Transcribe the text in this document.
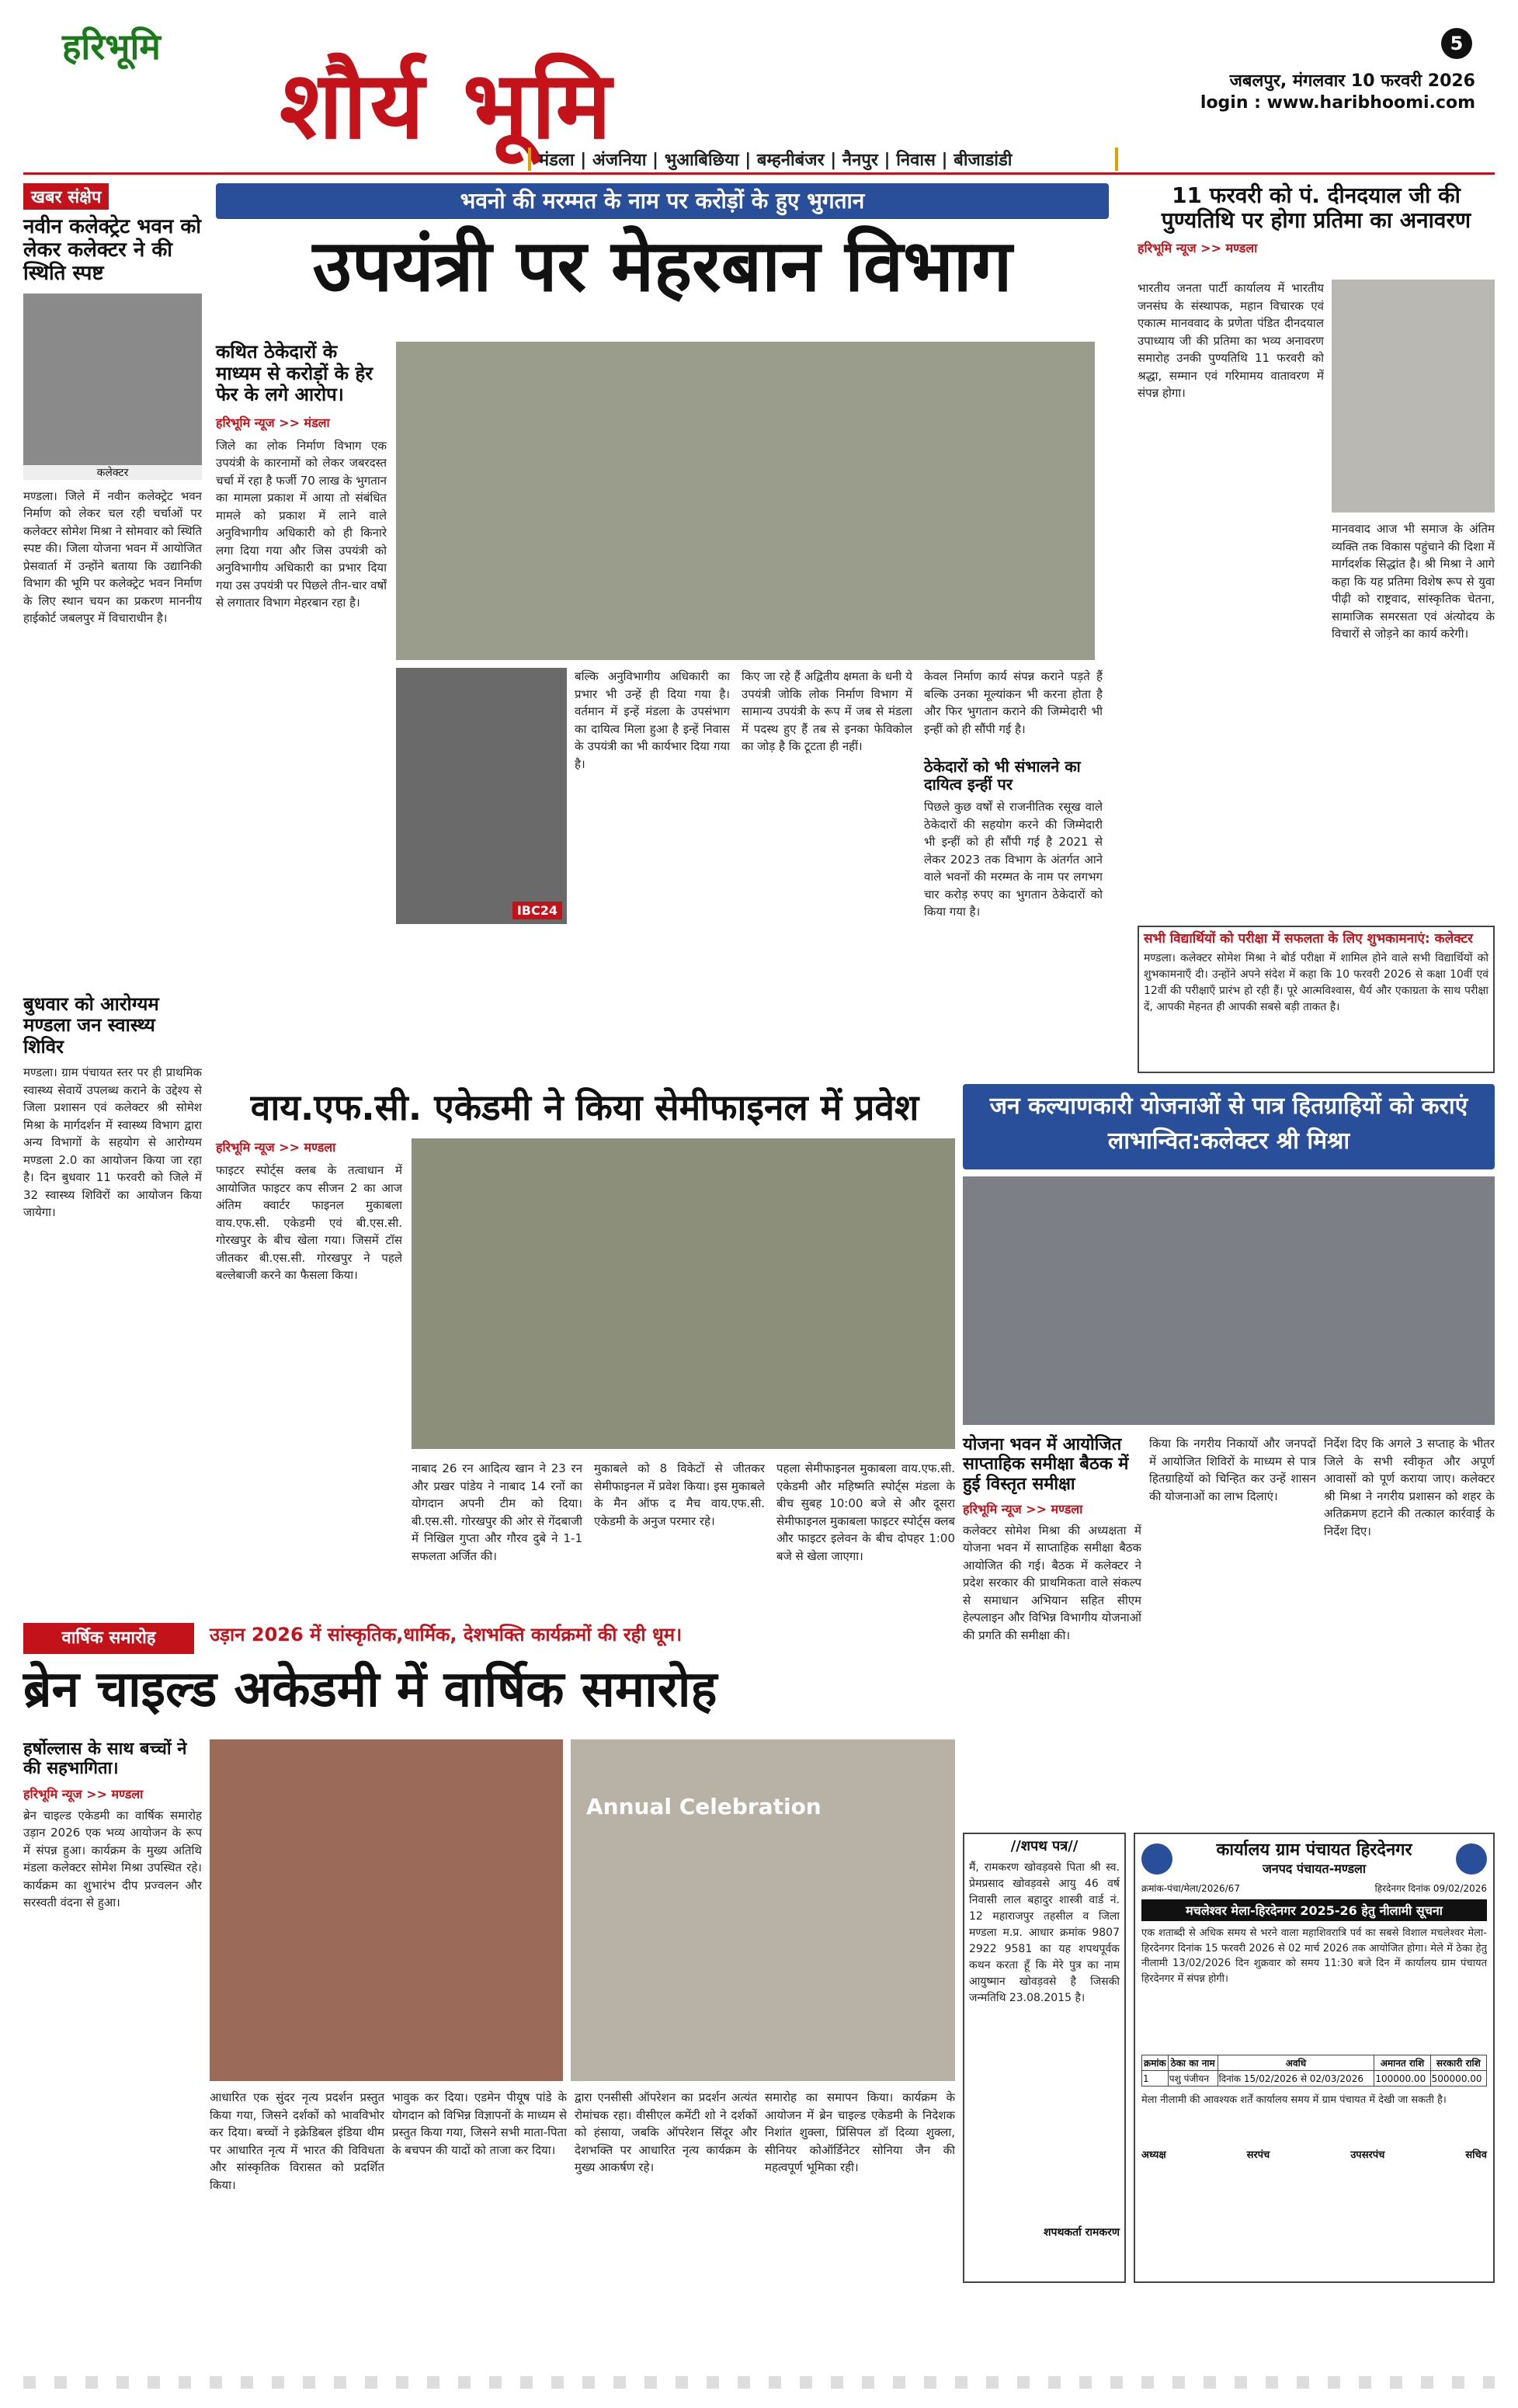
हरिभूमि
शौर्य भूमि
5
जबलपुर, मंगलवार 10 फरवरी 2026
login : www.haribhoomi.com
मंडला | अंजनिया | भुआबिछिया | बम्हनीबंजर | नैनपुर | निवास | बीजाडांडी
खबर संक्षेप
नवीन कलेक्ट्रेट भवन को लेकर कलेक्टर ने की स्थिति स्पष्ट
कलेक्टर
मण्डला। जिले में नवीन कलेक्ट्रेट भवन निर्माण को लेकर चल रही चर्चाओं पर कलेक्टर सोमेश मिश्रा ने सोमवार को स्थिति स्पष्ट की। जिला योजना भवन में आयोजित प्रेसवार्ता में उन्होंने बताया कि उद्यानिकी विभाग की भूमि पर कलेक्ट्रेट भवन निर्माण के लिए स्थान चयन का प्रकरण माननीय हाईकोर्ट जबलपुर में विचाराधीन है।
बुधवार को आरोग्यम मण्डला जन स्वास्थ्य शिविर
मण्डला। ग्राम पंचायत स्तर पर ही प्राथमिक स्वास्थ्य सेवायें उपलब्ध कराने के उद्देश्य से जिला प्रशासन एवं कलेक्टर श्री सोमेश मिश्रा के मार्गदर्शन में स्वास्थ्य विभाग द्वारा अन्य विभागों के सहयोग से आरोग्यम मण्डला 2.0 का आयोजन किया जा रहा है। दिन बुधवार 11 फरवरी को जिले में 32 स्वास्थ्य शिविरों का आयोजन किया जायेगा।
भवनो की मरम्मत के नाम पर करोड़ों के हुए भुगतान
उपयंत्री पर मेहरबान विभाग
कथित ठेकेदारों के माध्यम से करोड़ों के हेर फेर के लगे आरोप।
हरिभूमि न्यूज >> मंडला
जिले का लोक निर्माण विभाग एक उपयंत्री के कारनामों को लेकर जबरदस्त चर्चा में रहा है फर्जी 70 लाख के भुगतान का मामला प्रकाश में आया तो संबंधित मामले को प्रकाश में लाने वाले अनुविभागीय अधिकारी को ही किनारे लगा दिया गया और जिस उपयंत्री को अनुविभागीय अधिकारी का प्रभार दिया गया उस उपयंत्री पर पिछले तीन-चार वर्षों से लगातार विभाग मेहरबान रहा है।
IBC24
बल्कि अनुविभागीय अधिकारी का प्रभार भी उन्हें ही दिया गया है। वर्तमान में इन्हें मंडला के उपसंभाग का दायित्व मिला हुआ है इन्हें निवास के उपयंत्री का भी कार्यभार दिया गया है।
किए जा रहे हैं अद्वितीय क्षमता के धनी ये उपयंत्री जोकि लोक निर्माण विभाग में सामान्य उपयंत्री के रूप में जब से मंडला में पदस्थ हुए हैं तब से इनका फेविकोल का जोड़ है कि टूटता ही नहीं।
केवल निर्माण कार्य संपन्न कराने पड़ते हैं बल्कि उनका मूल्यांकन भी करना होता है और फिर भुगतान कराने की जिम्मेदारी भी इन्हीं को ही सौंपी गई है।
ठेकेदारों को भी संभालने का दायित्व इन्हीं पर
पिछले कुछ वर्षों से राजनीतिक रसूख वाले ठेकेदारों की सहयोग करने की जिम्मेदारी भी इन्हीं को ही सौंपी गई है 2021 से लेकर 2023 तक विभाग के अंतर्गत आने वाले भवनों की मरम्मत के नाम पर लगभग चार करोड़ रुपए का भुगतान ठेकेदारों को किया गया है।
11 फरवरी को पं. दीनदयाल जी की पुण्यतिथि पर होगा प्रतिमा का अनावरण
हरिभूमि न्यूज >> मण्डला
भारतीय जनता पार्टी कार्यालय में भारतीय जनसंघ के संस्थापक, महान विचारक एवं एकात्म मानववाद के प्रणेता पंडित दीनदयाल उपाध्याय जी की प्रतिमा का भव्य अनावरण समारोह उनकी पुण्यतिथि 11 फरवरी को श्रद्धा, सम्मान एवं गरिमामय वातावरण में संपन्न होगा।
मानववाद आज भी समाज के अंतिम व्यक्ति तक विकास पहुंचाने की दिशा में मार्गदर्शक सिद्धांत है। श्री मिश्रा ने आगे कहा कि यह प्रतिमा विशेष रूप से युवा पीढ़ी को राष्ट्रवाद, सांस्कृतिक चेतना, सामाजिक समरसता एवं अंत्योदय के विचारों से जोड़ने का कार्य करेगी।
सभी विद्यार्थियों को परीक्षा में सफलता के लिए शुभकामनाएं: कलेक्टर
मण्डला। कलेक्टर सोमेश मिश्रा ने बोर्ड परीक्षा में शामिल होने वाले सभी विद्यार्थियों को शुभकामनाएँ दी। उन्होंने अपने संदेश में कहा कि 10 फरवरी 2026 से कक्षा 10वीं एवं 12वीं की परीक्षाएँ प्रारंभ हो रही हैं। पूरे आत्मविश्वास, धैर्य और एकाग्रता के साथ परीक्षा दें, आपकी मेहनत ही आपकी सबसे बड़ी ताकत है।
वाय.एफ.सी. एकेडमी ने किया सेमीफाइनल में प्रवेश
हरिभूमि न्यूज >> मण्डला
फाइटर स्पोर्ट्स क्लब के तत्वाधान में आयोजित फाइटर कप सीजन 2 का आज अंतिम क्वार्टर फाइनल मुकाबला वाय.एफ.सी. एकेडमी एवं बी.एस.सी. गोरखपुर के बीच खेला गया। जिसमें टॉस जीतकर बी.एस.सी. गोरखपुर ने पहले बल्लेबाजी करने का फैसला किया।
नाबाद 26 रन आदित्य खान ने 23 रन और प्रखर पांडेय ने नाबाद 14 रनों का योगदान अपनी टीम को दिया। बी.एस.सी. गोरखपुर की ओर से गेंदबाजी में निखिल गुप्ता और गौरव दुबे ने 1-1 सफलता अर्जित की।
मुकाबले को 8 विकेटों से जीतकर सेमीफाइनल में प्रवेश किया। इस मुकाबले के मैन ऑफ द मैच वाय.एफ.सी. एकेडमी के अनुज परमार रहे।
पहला सेमीफाइनल मुकाबला वाय.एफ.सी. एकेडमी और महिष्मति स्पोर्ट्स मंडला के बीच सुबह 10:00 बजे से और दूसरा सेमीफाइनल मुकाबला फाइटर स्पोर्ट्स क्लब और फाइटर इलेवन के बीच दोपहर 1:00 बजे से खेला जाएगा।
जन कल्याणकारी योजनाओं से पात्र हितग्राहियों को कराएं लाभान्वित:कलेक्टर श्री मिश्रा
योजना भवन में आयोजित साप्ताहिक समीक्षा बैठक में हुई विस्तृत समीक्षा
हरिभूमि न्यूज >> मण्डला
कलेक्टर सोमेश मिश्रा की अध्यक्षता में योजना भवन में साप्ताहिक समीक्षा बैठक आयोजित की गई। बैठक में कलेक्टर ने प्रदेश सरकार की प्राथमिकता वाले संकल्प से समाधान अभियान सहित सीएम हेल्पलाइन और विभिन्न विभागीय योजनाओं की प्रगति की समीक्षा की।
किया कि नगरीय निकायों और जनपदों में आयोजित शिविरों के माध्यम से पात्र हितग्राहियों को चिन्हित कर उन्हें शासन की योजनाओं का लाभ दिलाएं।
निर्देश दिए कि अगले 3 सप्ताह के भीतर जिले के सभी स्वीकृत और अपूर्ण आवासों को पूर्ण कराया जाए। कलेक्टर श्री मिश्रा ने नगरीय प्रशासन को शहर के अतिक्रमण हटाने की तत्काल कार्रवाई के निर्देश दिए।
वार्षिक समारोह	उड़ान 2026 में सांस्कृतिक,धार्मिक, देशभक्ति कार्यक्रमों की रही धूम।
ब्रेन चाइल्ड अकेडमी में वार्षिक समारोह
हर्षोल्लास के साथ बच्चों ने की सहभागिता।
हरिभूमि न्यूज >> मण्डला
ब्रेन चाइल्ड एकेडमी का वार्षिक समारोह उड़ान 2026 एक भव्य आयोजन के रूप में संपन्न हुआ। कार्यक्रम के मुख्य अतिथि मंडला कलेक्टर सोमेश मिश्रा उपस्थित रहे। कार्यक्रम का शुभारंभ दीप प्रज्वलन और सरस्वती वंदना से हुआ।
Annual Celebration
आधारित एक सुंदर नृत्य प्रदर्शन प्रस्तुत किया गया, जिसने दर्शकों को भावविभोर कर दिया। बच्चों ने इक्रेडिबल इंडिया थीम पर आधारित नृत्य में भारत की विविधता और सांस्कृतिक विरासत को प्रदर्शित किया।
भावुक कर दिया। एडमेन पीयूष पांडे के योगदान को विभिन्न विज्ञापनों के माध्यम से प्रस्तुत किया गया, जिसने सभी माता-पिता के बचपन की यादों को ताजा कर दिया।
द्वारा एनसीसी ऑपरेशन का प्रदर्शन अत्यंत रोमांचक रहा। वीसीएल कमेंटी शो ने दर्शकों को हंसाया, जबकि ऑपरेशन सिंदूर और देशभक्ति पर आधारित नृत्य कार्यक्रम के मुख्य आकर्षण रहे।
समारोह का समापन किया। कार्यक्रम के आयोजन में ब्रेन चाइल्ड एकेडमी के निदेशक निशांत शुक्ला, प्रिंसिपल डॉ दिव्या शुक्ला, सीनियर कोऑर्डिनेटर सोनिया जैन की महत्वपूर्ण भूमिका रही।
//शपथ पत्र//
मैं, रामकरण खोवड़वसे पिता श्री स्व. प्रेमप्रसाद खोवड़वसे आयु 46 वर्ष निवासी लाल बहादुर शास्त्री वार्ड नं. 12 महाराजपुर तहसील व जिला मण्डला म.प्र. आधार क्रमांक 9807 2922 9581 का यह शपथपूर्वक कथन करता हूँ कि मेरे पुत्र का नाम आयुष्मान खोवड़वसे है जिसकी जन्मतिथि 23.08.2015 है।
शपथकर्ता रामकरण
कार्यालय ग्राम पंचायत हिरदेनगर
जनपद पंचायत-मण्डला
क्रमांक-पंचा/मेला/2026/67	हिरदेनगर दिनांक 09/02/2026
मचलेश्वर मेला-हिरदेनगर 2025-26 हेतु नीलामी सूचना
एक शताब्दी से अधिक समय से भरने वाला महाशिवरात्रि पर्व का सबसे विशाल मचलेश्वर मेला-हिरदेनगर दिनांक 15 फरवरी 2026 से 02 मार्च 2026 तक आयोजित होगा। मेले में ठेका हेतु नीलामी 13/02/2026 दिन शुक्रवार को समय 11:30 बजे दिन में कार्यालय ग्राम पंचायत हिरदेनगर में संपन्न होगी।
क्रमांक	ठेका का नाम	अवधि	अमानत राशि	सरकारी राशि
1	पशु पंजीयन	दिनांक 15/02/2026 से 02/03/2026	100000.00	500000.00
मेला नीलामी की आवश्यक शर्तें कार्यालय समय में ग्राम पंचायत में देखी जा सकती है।
अध्यक्ष	सरपंच	उपसरपंच	सचिव
